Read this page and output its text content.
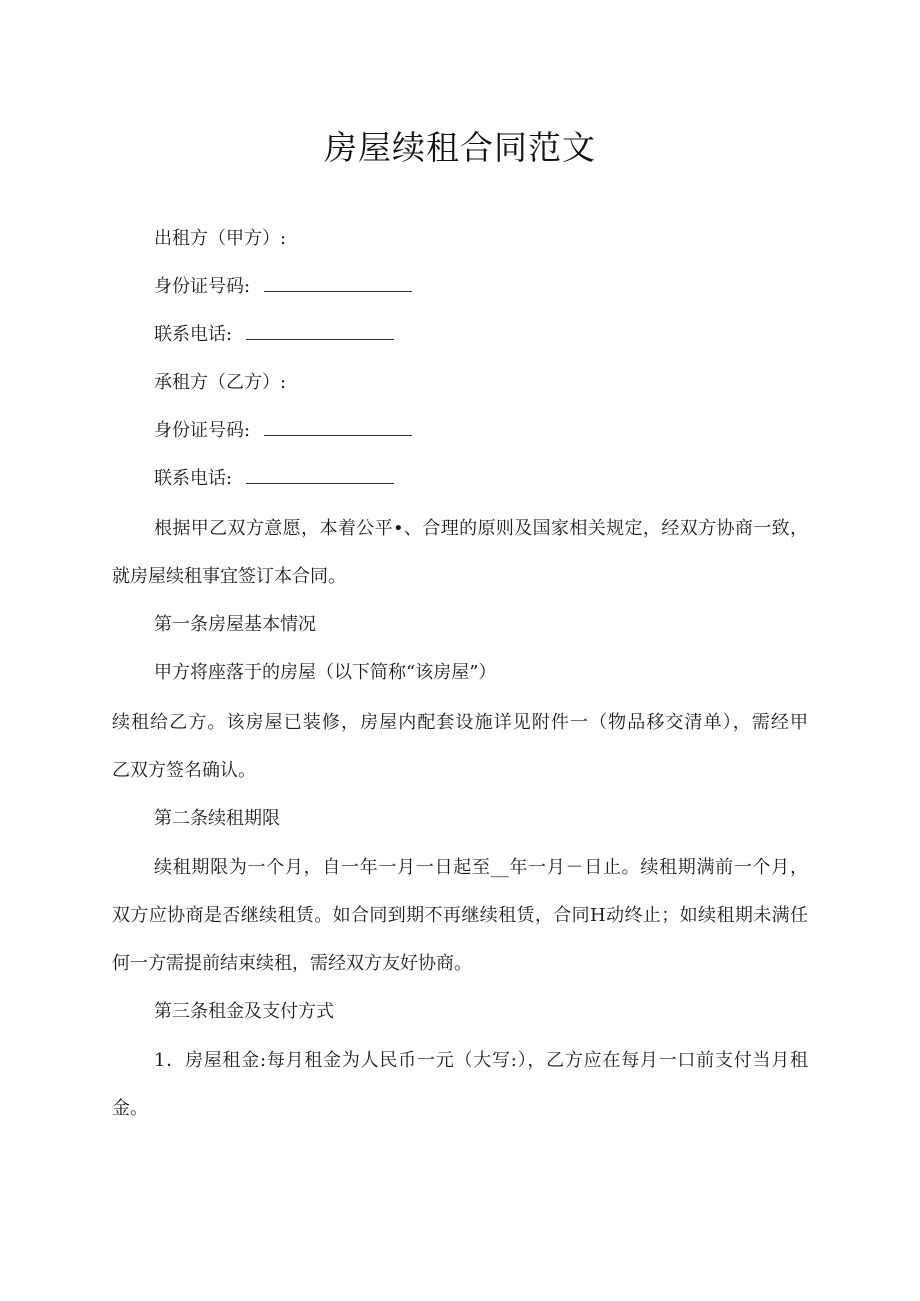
房屋续租合同范文

出租方（甲方）:

身份证号码:

联系电话:

承租方（乙方）:

身份证号码:

联系电话:

根据甲乙双方意愿，本着公平•、合理的原则及国家相关规定，经双方协商一致，

就房屋续租事宜签订本合同。

第一条房屋基本情况

甲方将座落于的房屋（以下简称“该房屋”）

续租给乙方。该房屋已装修，房屋内配套设施详见附件一（物品移交清单），需经甲

乙双方签名确认。

第二条续租期限

续租期限为一个月，自一年一月一日起至__年一月－日止。续租期满前一个月，

双方应协商是否继续租赁。如合同到期不再继续租赁，合同H动终止；如续租期未满任

何一方需提前结束续租，需经双方友好协商。

第三条租金及支付方式

1．房屋租金:每月租金为人民币一元（大写:），乙方应在每月一口前支付当月租

金。
